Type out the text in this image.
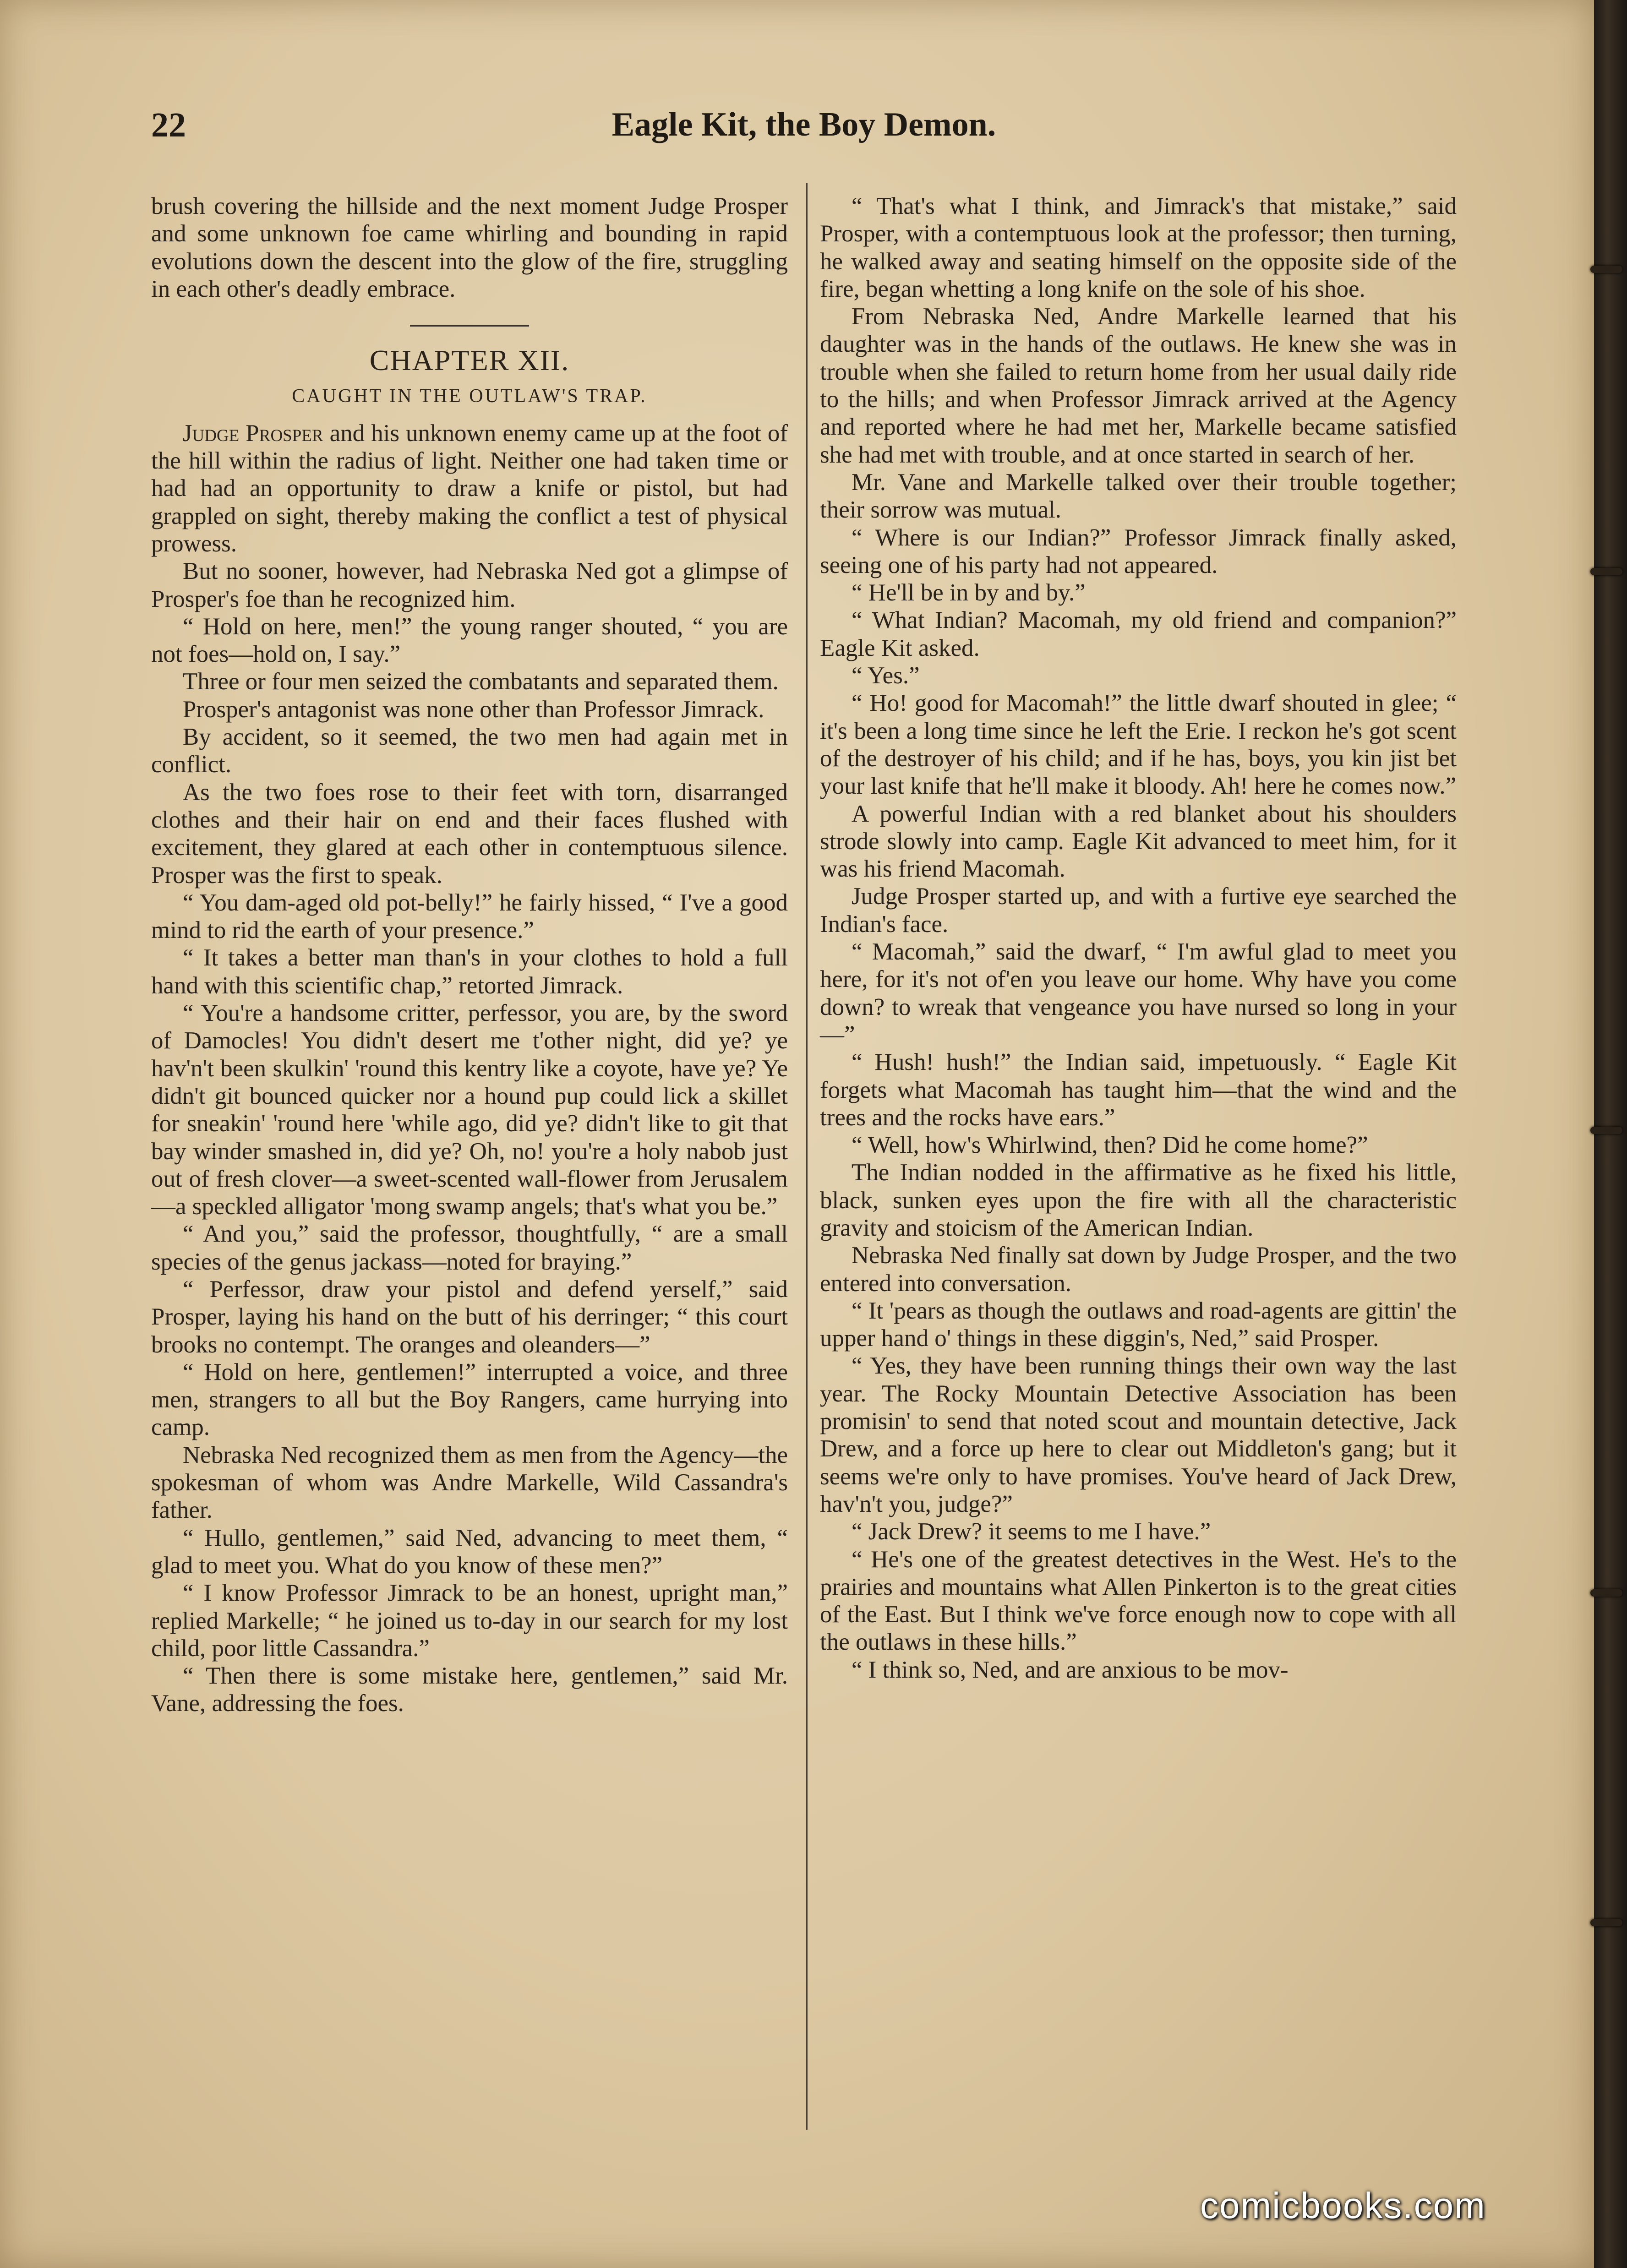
22	Eagle Kit, the Boy Demon.

brush covering the hillside and the next moment Judge Prosper and some unknown foe came whirling and bounding in rapid evolutions down the descent into the glow of the fire, struggling in each other's deadly embrace.

CHAPTER XII.
CAUGHT IN THE OUTLAW'S TRAP.

Judge Prosper and his unknown enemy came up at the foot of the hill within the radius of light. Neither one had taken time or had had an opportunity to draw a knife or pistol, but had grappled on sight, thereby making the conflict a test of physical prowess.

But no sooner, however, had Nebraska Ned got a glimpse of Prosper's foe than he recognized him.

“ Hold on here, men!” the young ranger shouted, “ you are not foes—hold on, I say.”

Three or four men seized the combatants and separated them.

Prosper's antagonist was none other than Professor Jimrack.

By accident, so it seemed, the two men had again met in conflict.

As the two foes rose to their feet with torn, disarranged clothes and their hair on end and their faces flushed with excitement, they glared at each other in contemptuous silence. Prosper was the first to speak.

“ You dam-aged old pot-belly!” he fairly hissed, “ I've a good mind to rid the earth of your presence.”

“ It takes a better man than's in your clothes to hold a full hand with this scientific chap,” retorted Jimrack.

“ You're a handsome critter, perfessor, you are, by the sword of Damocles! You didn't desert me t'other night, did ye? ye hav'n't been skulkin' 'round this kentry like a coyote, have ye? Ye didn't git bounced quicker nor a hound pup could lick a skillet for sneakin' 'round here 'while ago, did ye? didn't like to git that bay winder smashed in, did ye? Oh, no! you're a holy nabob just out of fresh clover—a sweet-scented wall-flower from Jerusalem—a speckled alligator 'mong swamp angels; that's what you be.”

“ And you,” said the professor, thoughtfully, “ are a small species of the genus jackass—noted for braying.”

“ Perfessor, draw your pistol and defend yerself,” said Prosper, laying his hand on the butt of his derringer; “ this court brooks no contempt. The oranges and oleanders—”

“ Hold on here, gentlemen!” interrupted a voice, and three men, strangers to all but the Boy Rangers, came hurrying into camp.

Nebraska Ned recognized them as men from the Agency—the spokesman of whom was Andre Markelle, Wild Cassandra's father.

“ Hullo, gentlemen,” said Ned, advancing to meet them, “ glad to meet you. What do you know of these men?”

“ I know Professor Jimrack to be an honest, upright man,” replied Markelle; “ he joined us to-day in our search for my lost child, poor little Cassandra.”

“ Then there is some mistake here, gentlemen,” said Mr. Vane, addressing the foes.

“ That's what I think, and Jimrack's that mistake,” said Prosper, with a contemptuous look at the professor; then turning, he walked away and seating himself on the opposite side of the fire, began whetting a long knife on the sole of his shoe.

From Nebraska Ned, Andre Markelle learned that his daughter was in the hands of the outlaws. He knew she was in trouble when she failed to return home from her usual daily ride to the hills; and when Professor Jimrack arrived at the Agency and reported where he had met her, Markelle became satisfied she had met with trouble, and at once started in search of her.

Mr. Vane and Markelle talked over their trouble together; their sorrow was mutual.

“ Where is our Indian?” Professor Jimrack finally asked, seeing one of his party had not appeared.

“ He'll be in by and by.”

“ What Indian? Macomah, my old friend and companion?” Eagle Kit asked.

“ Yes.”

“ Ho! good for Macomah!” the little dwarf shouted in glee; “ it's been a long time since he left the Erie. I reckon he's got scent of the destroyer of his child; and if he has, boys, you kin jist bet your last knife that he'll make it bloody. Ah! here he comes now.”

A powerful Indian with a red blanket about his shoulders strode slowly into camp. Eagle Kit advanced to meet him, for it was his friend Macomah.

Judge Prosper started up, and with a furtive eye searched the Indian's face.

“ Macomah,” said the dwarf, “ I'm awful glad to meet you here, for it's not of'en you leave our home. Why have you come down? to wreak that vengeance you have nursed so long in your—”

“ Hush! hush!” the Indian said, impetuously. “ Eagle Kit forgets what Macomah has taught him—that the wind and the trees and the rocks have ears.”

“ Well, how's Whirlwind, then? Did he come home?”

The Indian nodded in the affirmative as he fixed his little, black, sunken eyes upon the fire with all the characteristic gravity and stoicism of the American Indian.

Nebraska Ned finally sat down by Judge Prosper, and the two entered into conversation.

“ It 'pears as though the outlaws and road-agents are gittin' the upper hand o' things in these diggin's, Ned,” said Prosper.

“ Yes, they have been running things their own way the last year. The Rocky Mountain Detective Association has been promisin' to send that noted scout and mountain detective, Jack Drew, and a force up here to clear out Middleton's gang; but it seems we're only to have promises. You've heard of Jack Drew, hav'n't you, judge?”

“ Jack Drew? it seems to me I have.”

“ He's one of the greatest detectives in the West. He's to the prairies and mountains what Allen Pinkerton is to the great cities of the East. But I think we've force enough now to cope with all the outlaws in these hills.”

“ I think so, Ned, and are anxious to be mov-

comicbooks.com
